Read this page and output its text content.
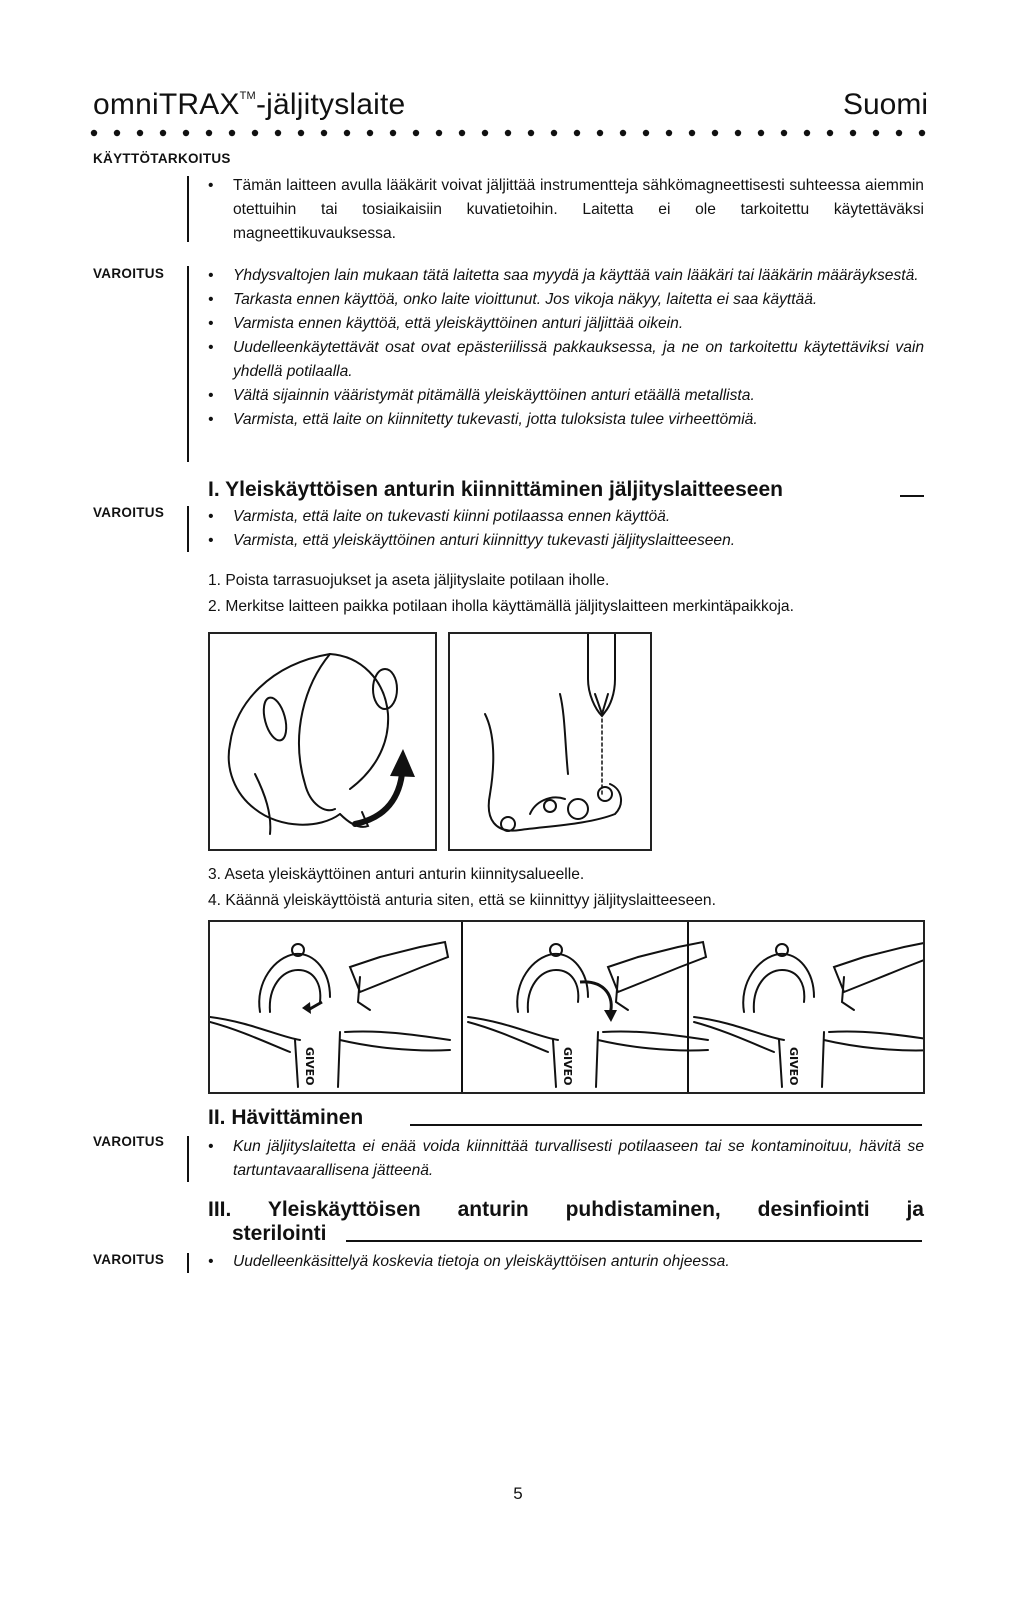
omniTRAX™-jäljityslaite	Suomi
KÄYTTÖTARKOITUS
• Tämän laitteen avulla lääkärit voivat jäljittää instrumentteja sähkömagneettisesti suhteessa aiemmin otettuihin tai tosiaikaisiin kuvatietoihin. Laitetta ei ole tarkoitettu käytettäväksi magneettikuvauksessa.
VAROITUS	• Yhdysvaltojen lain mukaan tätä laitetta saa myydä ja käyttää vain lääkäri tai lääkärin määräyksestä.
• Tarkasta ennen käyttöä, onko laite vioittunut. Jos vikoja näkyy, laitetta ei saa käyttää.
• Varmista ennen käyttöä, että yleiskäyttöinen anturi jäljittää oikein.
• Uudelleenkäytettävät osat ovat epästeriilissä pakkauksessa, ja ne on tarkoitettu käytettäviksi vain yhdellä potilaalla.
• Vältä sijainnin vääristymät pitämällä yleiskäyttöinen anturi etäällä metallista.
• Varmista, että laite on kiinnitetty tukevasti, jotta tuloksista tulee virheettömiä.
I. Yleiskäyttöisen anturin kiinnittäminen jäljityslaitteeseen
VAROITUS	• Varmista, että laite on tukevasti kiinni potilaassa ennen käyttöä.
• Varmista, että yleiskäyttöinen anturi kiinnittyy tukevasti jäljityslaitteeseen.
1. Poista tarrasuojukset ja aseta jäljityslaite potilaan iholle.
2. Merkitse laitteen paikka potilaan iholla käyttämällä jäljityslaitteen merkintäpaikkoja.
3. Aseta yleiskäyttöinen anturi anturin kiinnitysalueelle.
4. Käännä yleiskäyttöistä anturia siten, että se kiinnittyy jäljityslaitteeseen.
GIVEO	GIVEO	GIVEO
II. Hävittäminen
VAROITUS	• Kun jäljityslaitetta ei enää voida kiinnittää turvallisesti potilaaseen tai se kontaminoituu, hävitä se tartuntavaarallisena jätteenä.
III. Yleiskäyttöisen anturin puhdistaminen, desinfiointi ja
sterilointi
VAROITUS	• Uudelleenkäsittelyä koskevia tietoja on yleiskäyttöisen anturin ohjeessa.
5
